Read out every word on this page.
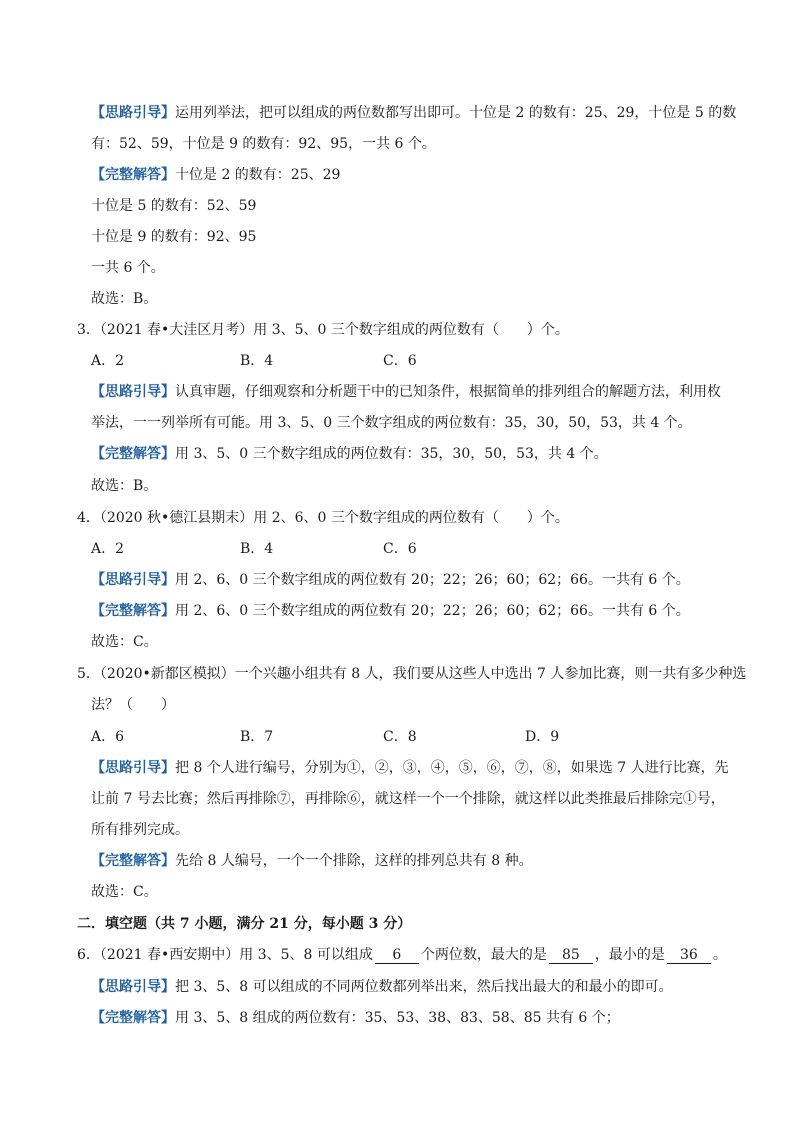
【思路引导】运用列举法，把可以组成的两位数都写出即可。十位是 2 的数有：25、29，十位是 5 的数
有：52、59，十位是 9 的数有：92、95，一共 6 个。
【完整解答】十位是 2 的数有：25、29
十位是 5 的数有：52、59
十位是 9 的数有：92、95
一共 6 个。
故选：B。
3．（2021 春•大洼区月考）用 3、5、0 三个数字组成的两位数有（　　）个。
A．2	B．4	C．6
【思路引导】认真审题，仔细观察和分析题干中的已知条件，根据简单的排列组合的解题方法，利用枚
举法，一一列举所有可能。用 3、5、0 三个数字组成的两位数有：35，30，50，53，共 4 个。
【完整解答】用 3、5、0 三个数字组成的两位数有：35，30，50，53，共 4 个。
故选：B。
4．（2020 秋•德江县期末）用 2、6、0 三个数字组成的两位数有（　　）个。
A．2	B．4	C．6
【思路引导】用 2、6、0 三个数字组成的两位数有 20；22；26；60；62；66。一共有 6 个。
【完整解答】用 2、6、0 三个数字组成的两位数有 20；22；26；60；62；66。一共有 6 个。
故选：C。
5．（2020•新都区模拟）一个兴趣小组共有 8 人，我们要从这些人中选出 7 人参加比赛，则一共有多少种选
法？（　　）
A．6	B．7	C．8	D．9
【思路引导】把 8 个人进行编号，分别为①，②，③，④，⑤，⑥，⑦，⑧，如果选 7 人进行比赛，先
让前 7 号去比赛；然后再排除⑦，再排除⑥，就这样一个一个排除，就这样以此类推最后排除完①号，
所有排列完成。
【完整解答】先给 8 人编号，一个一个排除，这样的排列总共有 8 种。
故选：C。
二．填空题（共 7 小题，满分 21 分，每小题 3 分）
6．（2021 春•西安期中）用 3、5、8 可以组成 6 个两位数，最大的是 85 ，最小的是 36 。
【思路引导】把 3、5、8 可以组成的不同两位数都列举出来，然后找出最大的和最小的即可。
【完整解答】用 3、5、8 组成的两位数有：35、53、38、83、58、85 共有 6 个；
